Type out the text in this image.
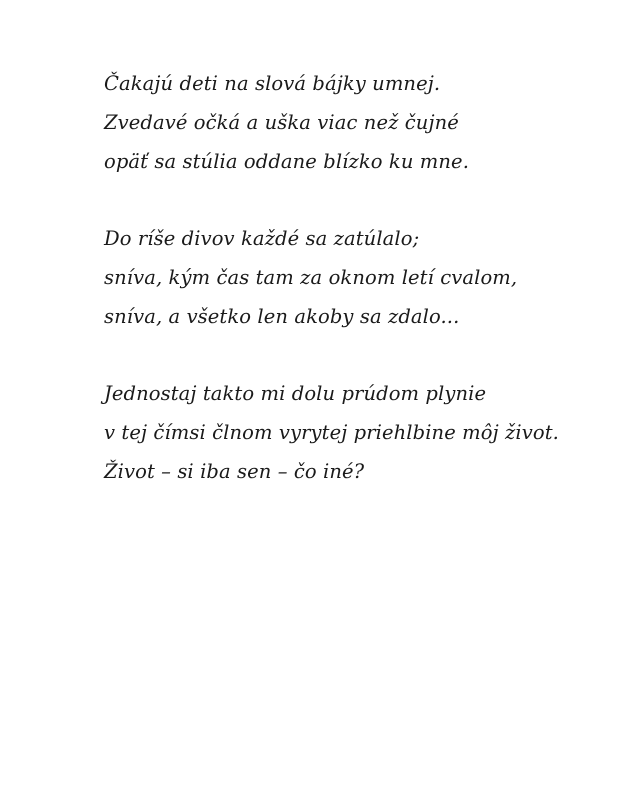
Čakajú deti na slová bájky umnej.
Zvedavé očká a uška viac než čujné
opäť sa stúlia oddane blízko ku mne.
Do ríše divov každé sa zatúlalo;
sníva, kým čas tam za oknom letí cvalom,
sníva, a všetko len akoby sa zdalo...
Jednostaj takto mi dolu prúdom plynie
v tej čímsi člnom vyrytej priehlbine môj život.
Život – si iba sen – čo iné?
